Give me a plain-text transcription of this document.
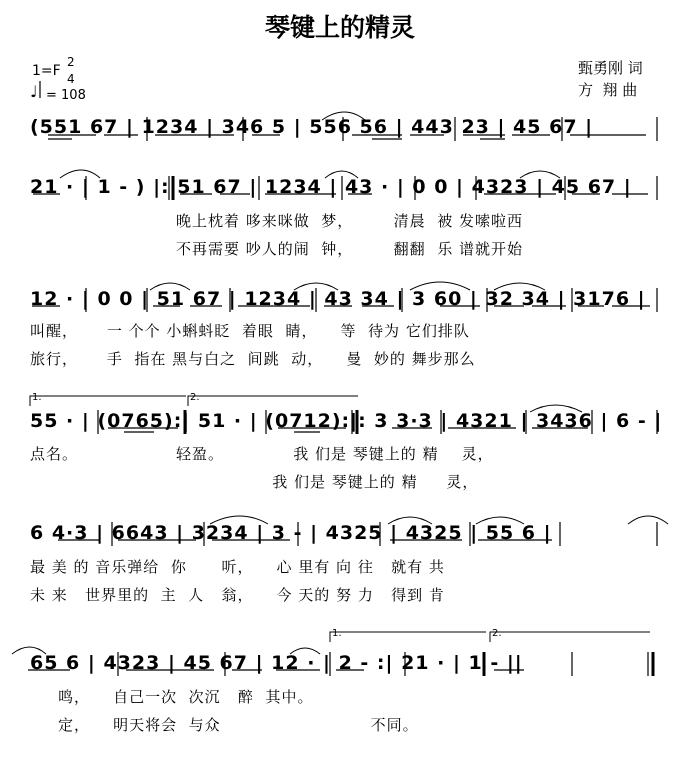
琴键上的精灵
1=F
2
4
♩ = 108
甄勇刚 词
方  翔 曲
(551 67 | 1234 | 346 5 | 556 56 | 443 23 | 45 67 |
21 · | 1 - ) |: 51 67 | 1234 | 43 · | 0 0 | 4323 | 45 67 |
晚上枕着 哆来咪做  梦，       清晨  被 发嗦啦西
不再需要 吵人的闹  钟，       翻翻  乐 谱就开始
12 · | 0 0 | 51 67 | 1234 | 43 34 | 3 60 | 32 34 | 3176 |
叫醒，     一 个个 小蝌蚪眨  着眼  睛，    等  待为 它们排队
旅行，     手  指在 黑与白之  间跳  动，    曼  妙的 舞步那么
1.	2.
55 · | (0765):| 51 · | (0712):|: 3 3·3 | 4321 | 3436 | 6 - |
点名。                 轻盈。            我 们是 琴键上的 精    灵，
我 们是 琴键上的 精     灵，
6 4·3 | 6643 | 3234 | 3 - | 4325 | 4325 | 55 6 |
最 美 的 音乐弹给  你      听，    心 里有 向 往   就有 共
未 来   世界里的  主  人   翁，    今 天的 努 力   得到 肯
1.	2.
65 6 | 4323 | 45 67 | 12 · | 2 - :| 21 · | 1 - ||
鸣，    自己一次  次沉   醉  其中。
定，    明天将会  与众                          不同。
